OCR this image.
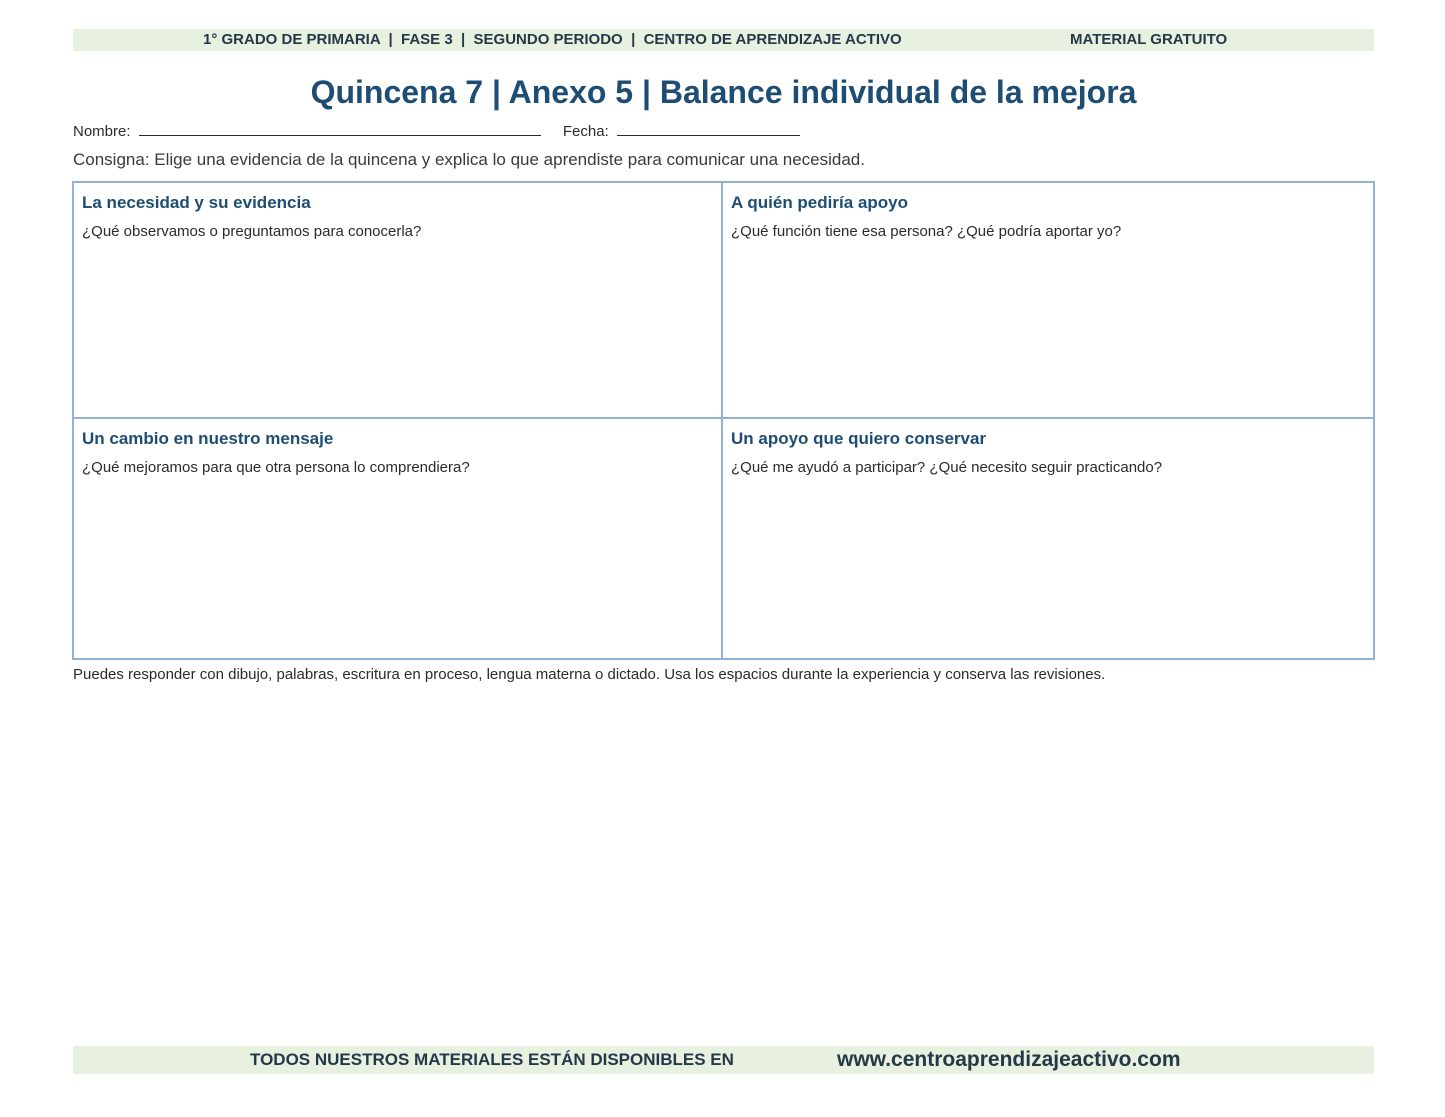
1° GRADO DE PRIMARIA  |  FASE 3  |  SEGUNDO PERIODO  |  CENTRO DE APRENDIZAJE ACTIVO	MATERIAL GRATUITO
Quincena 7 | Anexo 5 | Balance individual de la mejora
Nombre:	Fecha:
Consigna: Elige una evidencia de la quincena y explica lo que aprendiste para comunicar una necesidad.
La necesidad y su evidencia
¿Qué observamos o preguntamos para conocerla?
A quién pediría apoyo
¿Qué función tiene esa persona? ¿Qué podría aportar yo?
Un cambio en nuestro mensaje
¿Qué mejoramos para que otra persona lo comprendiera?
Un apoyo que quiero conservar
¿Qué me ayudó a participar? ¿Qué necesito seguir practicando?
Puedes responder con dibujo, palabras, escritura en proceso, lengua materna o dictado. Usa los espacios durante la experiencia y conserva las revisiones.
TODOS NUESTROS MATERIALES ESTÁN DISPONIBLES EN	www.centroaprendizajeactivo.com
